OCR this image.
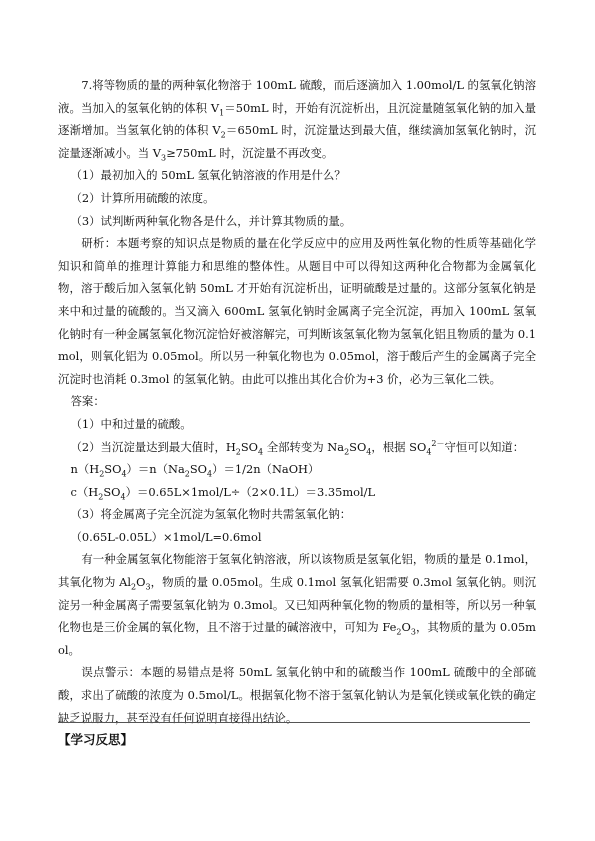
7.将等物质的量的两种氧化物溶于 100mL 硫酸，而后逐滴加入 1.00mol/L 的氢氧化钠溶液。当加入的氢氧化钠的体积 $V_1=50mL$ 时，开始有沉淀析出，且沉淀量随氢氧化钠的加入量逐渐增加。当氢氧化钠的体积 $V_2=650mL$ 时，沉淀量达到最大值，继续滴加氢氧化钠时，沉淀量逐渐减小。当 $V_3\ge 750mL$ 时，沉淀量不再改变。

（1）最初加入的 50mL 氢氧化钠溶液的作用是什么？

（2）计算所用硫酸的浓度。

（3）试判断两种氧化物各是什么，并计算其物质的量。

研析：本题考察的知识点是物质的量在化学反应中的应用及两性氧化物的性质等基础化学知识和简单的推理计算能力和思维的整体性。从题目中可以得知这两种化合物都为金属氧化物，溶于酸后加入氢氧化钠 50mL 才开始有沉淀析出，证明硫酸是过量的。这部分氢氧化钠是来中和过量的硫酸的。当又滴入 600mL 氢氧化钠时金属离子完全沉淀，再加入 100mL 氢氧化钠时有一种金属氢氧化物沉淀恰好被溶解完，可判断该氢氧化物为氢氧化铝且物质的量为 0.1mol，则氧化铝为 0.05mol。所以另一种氧化物也为 0.05mol，溶于酸后产生的金属离子完全沉淀时也消耗 0.3mol 的氢氧化钠。由此可以推出其化合价为+3 价，必为三氧化二铁。

答案：

（1）中和过量的硫酸。

（2）当沉淀量达到最大值时，$H_2SO_4$ 全部转变为 $Na_2SO_4$，根据 $SO_4^{2-}$守恒可以知道：

$n(H_2SO_4)=n(Na_2SO_4)=1/2n(NaOH)$

$c(H_2SO_4)=0.65L\times 1mol/L\div(2\times 0.1L)=3.35mol/L$

（3）将金属离子完全沉淀为氢氧化物时共需氢氧化钠：

（0.65L-0.05L）×1mol/L=0.6mol

有一种金属氢氧化物能溶于氢氧化钠溶液，所以该物质是氢氧化铝，物质的量是 0.1mol，其氧化物为 $Al_2O_3$，物质的量 0.05mol。生成 0.1mol 氢氧化铝需要 0.3mol 氢氧化钠。则沉淀另一种金属离子需要氢氧化钠为 0.3mol。又已知两种氧化物的物质的量相等，所以另一种氧化物也是三价金属的氧化物，且不溶于过量的碱溶液中，可知为 $Fe_2O_3$，其物质的量为 0.05mol。

误点警示：本题的易错点是将 50mL 氢氧化钠中和的硫酸当作 100mL 硫酸中的全部硫酸，求出了硫酸的浓度为 0.5mol/L。根据氧化物不溶于氢氧化钠认为是氧化镁或氧化铁的确定缺乏说服力，甚至没有任何说明直接得出结论。

【学习反思】
